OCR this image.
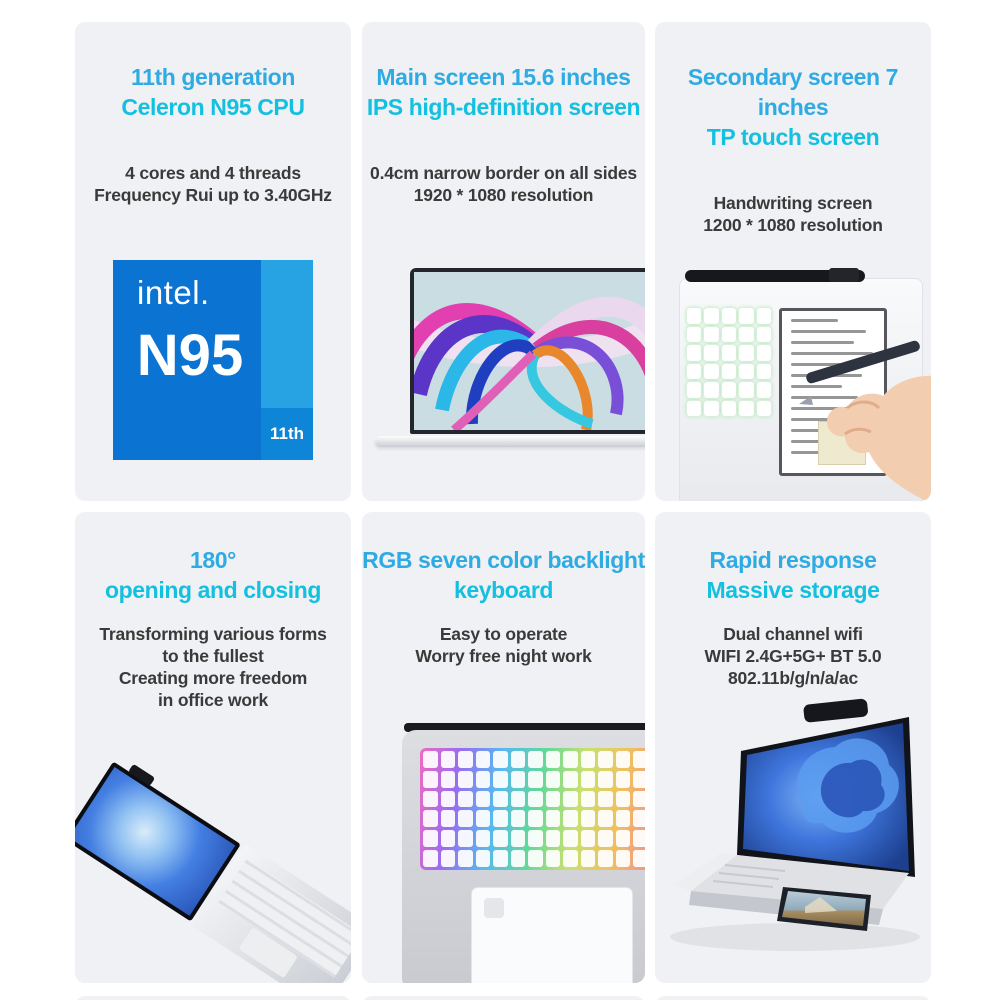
11th generation
Celeron N95 CPU
4 cores and 4 threads
Frequency Rui up to 3.40GHz
11th
intel.
N95
Main screen 15.6 inches
IPS high-definition screen
0.4cm narrow border on all sides
1920 * 1080 resolution
Secondary screen 7 inches
TP touch screen
Handwriting screen
1200 * 1080 resolution
180°
opening and closing
Transforming various forms
to the fullest
Creating more freedom
in office work
RGB seven color backlight
keyboard
Easy to operate
Worry free night work
Rapid response
Massive storage
Dual channel wifi
WIFI 2.4G+5G+ BT 5.0
802.11b/g/n/a/ac
